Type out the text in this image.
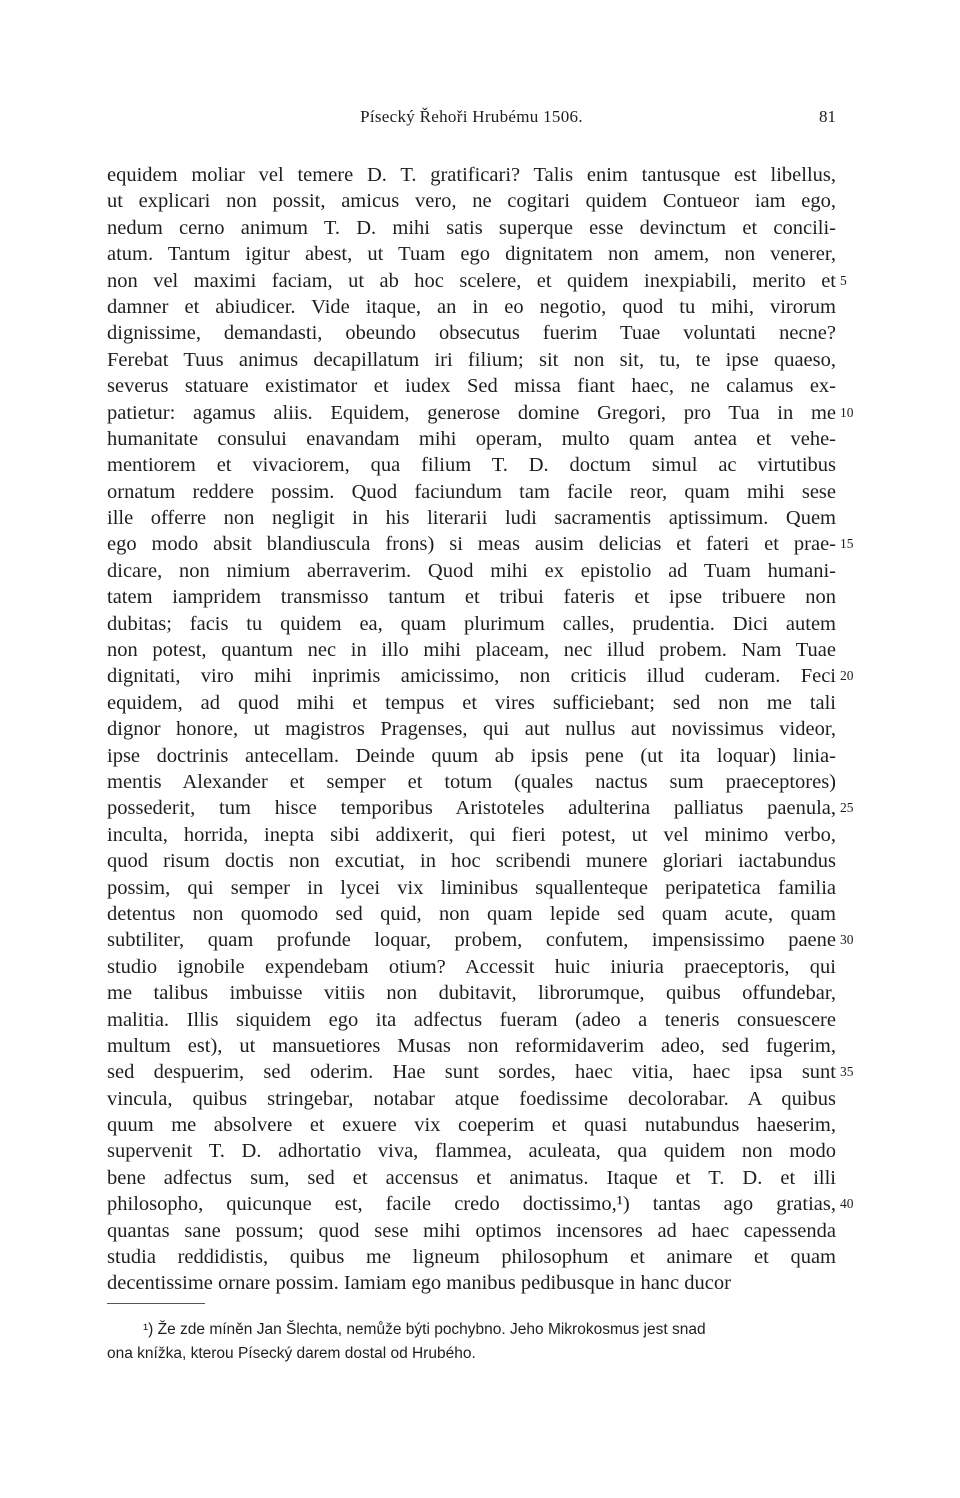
Písecký Řehoři Hrubému 1506.	81
equidem moliar vel temere D. T. gratificari? Talis enim tantusque est libellus,
ut explicari non possit, amicus vero, ne cogitari quidem Contueor iam ego,
nedum cerno animum T. D. mihi satis superque esse devinctum et concili-
atum. Tantum igitur abest, ut Tuam ego dignitatem non amem, non venerer,
non vel maximi faciam, ut ab hoc scelere, et quidem inexpiabili, merito et 5
damner et abiudicer. Vide itaque, an in eo negotio, quod tu mihi, virorum
dignissime, demandasti, obeundo obsecutus fuerim Tuae voluntati necne?
Ferebat Tuus animus decapillatum iri filium; sit non sit, tu, te ipse quaeso,
severus statuare existimator et iudex Sed missa fiant haec, ne calamus ex-
patietur: agamus aliis. Equidem, generose domine Gregori, pro Tua in me 10
humanitate consului enavandam mihi operam, multo quam antea et vehe-
mentiorem et vivaciorem, qua filium T. D. doctum simul ac virtutibus
ornatum reddere possim. Quod faciundum tam facile reor, quam mihi sese
ille offerre non negligit in his literarii ludi sacramentis aptissimum. Quem
ego modo absit blandiuscula frons) si meas ausim delicias et fateri et prae- 15
dicare, non nimium aberraverim. Quod mihi ex epistolio ad Tuam humani-
tatem iampridem transmisso tantum et tribui fateris et ipse tribuere non
dubitas; facis tu quidem ea, quam plurimum calles, prudentia. Dici autem
non potest, quantum nec in illo mihi placeam, nec illud probem. Nam Tuae
dignitati, viro mihi inprimis amicissimo, non criticis illud cuderam. Feci 20
equidem, ad quod mihi et tempus et vires sufficiebant; sed non me tali
dignor honore, ut magistros Pragenses, qui aut nullus aut novissimus videor,
ipse doctrinis antecellam. Deinde quum ab ipsis pene (ut ita loquar) linia-
mentis Alexander et semper et totum (quales nactus sum praeceptores)
possederit, tum hisce temporibus Aristoteles adulterina palliatus paenula, 25
inculta, horrida, inepta sibi addixerit, qui fieri potest, ut vel minimo verbo,
quod risum doctis non excutiat, in hoc scribendi munere gloriari iactabundus
possim, qui semper in lycei vix liminibus squallenteque peripatetica familia
detentus non quomodo sed quid, non quam lepide sed quam acute, quam
subtiliter, quam profunde loquar, probem, confutem, impensissimo paene 30
studio ignobile expendebam otium? Accessit huic iniuria praeceptoris, qui
me talibus imbuisse vitiis non dubitavit, librorumque, quibus offundebar,
malitia. Illis siquidem ego ita adfectus fueram (adeo a teneris consuescere
multum est), ut mansuetiores Musas non reformidaverim adeo, sed fugerim,
sed despuerim, sed oderim. Hae sunt sordes, haec vitia, haec ipsa sunt 35
vincula, quibus stringebar, notabar atque foedissime decolorabar. A quibus
quum me absolvere et exuere vix coeperim et quasi nutabundus haeserim,
supervenit T. D. adhortatio viva, flammea, aculeata, qua quidem non modo
bene adfectus sum, sed et accensus et animatus. Itaque et T. D. et illi
philosopho, quicunque est, facile credo doctissimo,¹) tantas ago gratias, 40
quantas sane possum; quod sese mihi optimos incensores ad haec capessenda
studia reddidistis, quibus me ligneum philosophum et animare et quam
decentissime ornare possim. Iamiam ego manibus pedibusque in hanc ducor
¹) Že zde míněn Jan Šlechta, nemůže býti pochybno. Jeho Mikrokosmus jest snad
ona knížka, kterou Písecký darem dostal od Hrubého.
